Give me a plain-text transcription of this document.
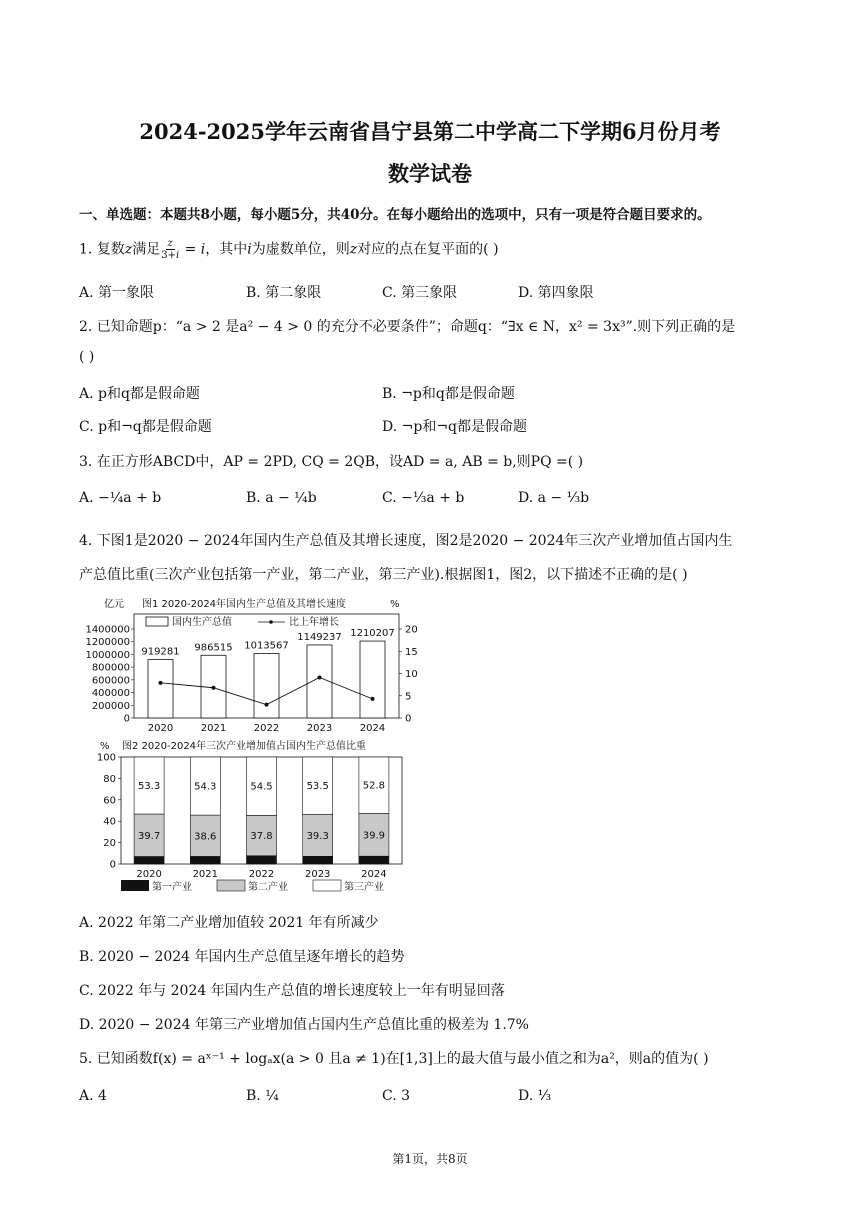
2024-2025学年云南省昌宁县第二中学高二下学期6月份月考
数学试卷
一、单选题：本题共8小题，每小题5分，共40分。在每小题给出的选项中，只有一项是符合题目要求的。
1. 复数z满足 $\frac{z}{3+i} = i$，其中i为虚数单位，则z对应的点在复平面的( )
A. 第一象限	B. 第二象限	C. 第三象限	D. 第四象限
2. 已知命题p：“a > 2 是a² − 4 > 0 的充分不必要条件”；命题q：“∃x ∈ N，x² = 3x³”.则下列正确的是
( )
A. p和q都是假命题	B. ¬p和q都是假命题
C. p和¬q都是假命题	D. ¬p和¬q都是假命题
3. 在正方形ABCD中，AP = 2PD, CQ = 2QB，设AD = a, AB = b,则PQ =( )
A. −¼a + b	B. a − ¼b	C. −⅓a + b	D. a − ⅓b
4. 下图1是2020 − 2024年国内生产总值及其增长速度，图2是2020 − 2024年三次产业增加值占国内生
产总值比重(三次产业包括第一产业，第二产业，第三产业).根据图1，图2，以下描述不正确的是( )
亿元 图1 2020-2024年国内生产总值及其增长速度	%
国内生产总值	比上年增长
0
200000
400000
600000
800000
1000000
1200000
1400000
0
5
10
15
20
919281
2020
986515
2021
1013567
2022
1149237
2023
1210207
2024
% 图2 2020-2024年三次产业增加值占国内生产总值比重
0
20
40
60
80
100
39.7
53.3
2020
38.6
54.3
2021
37.8
54.5
2022
39.3
53.5
2023
39.9
52.8
2024
第一产业	第二产业	第三产业
A. 2022 年第二产业增加值较 2021 年有所减少
B. 2020 − 2024 年国内生产总值呈逐年增长的趋势
C. 2022 年与 2024 年国内生产总值的增长速度较上一年有明显回落
D. 2020 − 2024 年第三产业增加值占国内生产总值比重的极差为 1.7%
5. 已知函数f(x) = aˣ⁻¹ + logₐx(a > 0 且a ≠ 1)在[1,3]上的最大值与最小值之和为a²，则a的值为( )
A. 4	B. ¼	C. 3	D. ⅓
第1页，共8页
